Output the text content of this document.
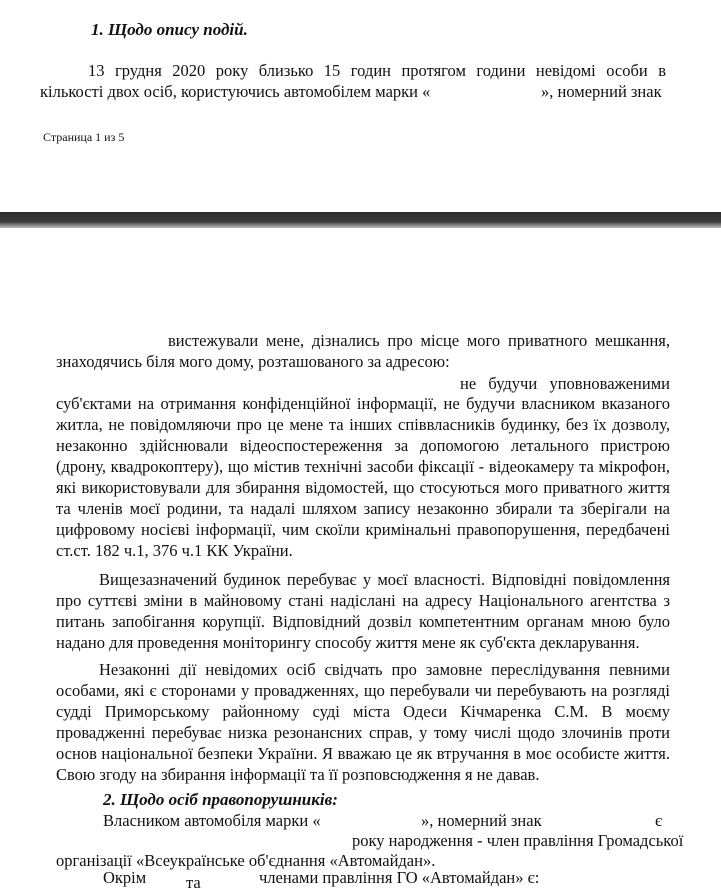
1. Щодо опису подій.
13 грудня 2020 року близько 15 годин протягом години невідомі особи в
кількості двох осіб, користуючись автомобілем марки «	», номерний знак
Страница 1 из 5
вистежували мене, дізнались про місце мого приватного мешкання,
знаходячись біля мого дому, розташованого за адресою:
не будучи уповноваженими
суб'єктами на отримання конфіденційної інформації, не будучи власником вказаного
житла, не повідомляючи про це мене та інших співвласників будинку, без їх дозволу,
незаконно здійснювали відеоспостереження за допомогою летального пристрою
(дрону, квадрокоптеру), що містив технічні засоби фіксації - відеокамеру та мікрофон,
які використовували для збирання відомостей, що стосуються мого приватного життя
та членів моєї родини, та надалі шляхом запису незаконно збирали та зберігали на
цифровому носієві інформації, чим скоїли кримінальні правопорушення, передбачені
ст.ст. 182 ч.1, 376 ч.1 КК України.
Вищезазначений будинок перебуває у моєї власності. Відповідні повідомлення
про суттєві зміни в майновому стані надіслані на адресу Національного агентства з
питань запобігання корупції. Відповідний дозвіл компетентним органам мною було
надано для проведення моніторингу способу життя мене як суб'єкта декларування.
Незаконні дії невідомих осіб свідчать про замовне переслідування певними
особами, які є сторонами у провадженнях, що перебували чи перебувають на розгляді
судді Приморському районному суді міста Одеси Кічмаренка С.М. В моєму
провадженні перебуває низка резонансних справ, у тому числі щодо злочинів проти
основ національної безпеки України. Я вважаю це як втручання в моє особисте життя.
Свою згоду на збирання інформації та її розповсюдження я не давав.
2. Щодо осіб правопорушників:
Власником автомобіля марки «	», номерний знак	є
року народження - член правління Громадської
організації «Всеукраїнське об'єднання «Автомайдан».
Окрім	членами правління ГО «Автомайдан» є:
та
